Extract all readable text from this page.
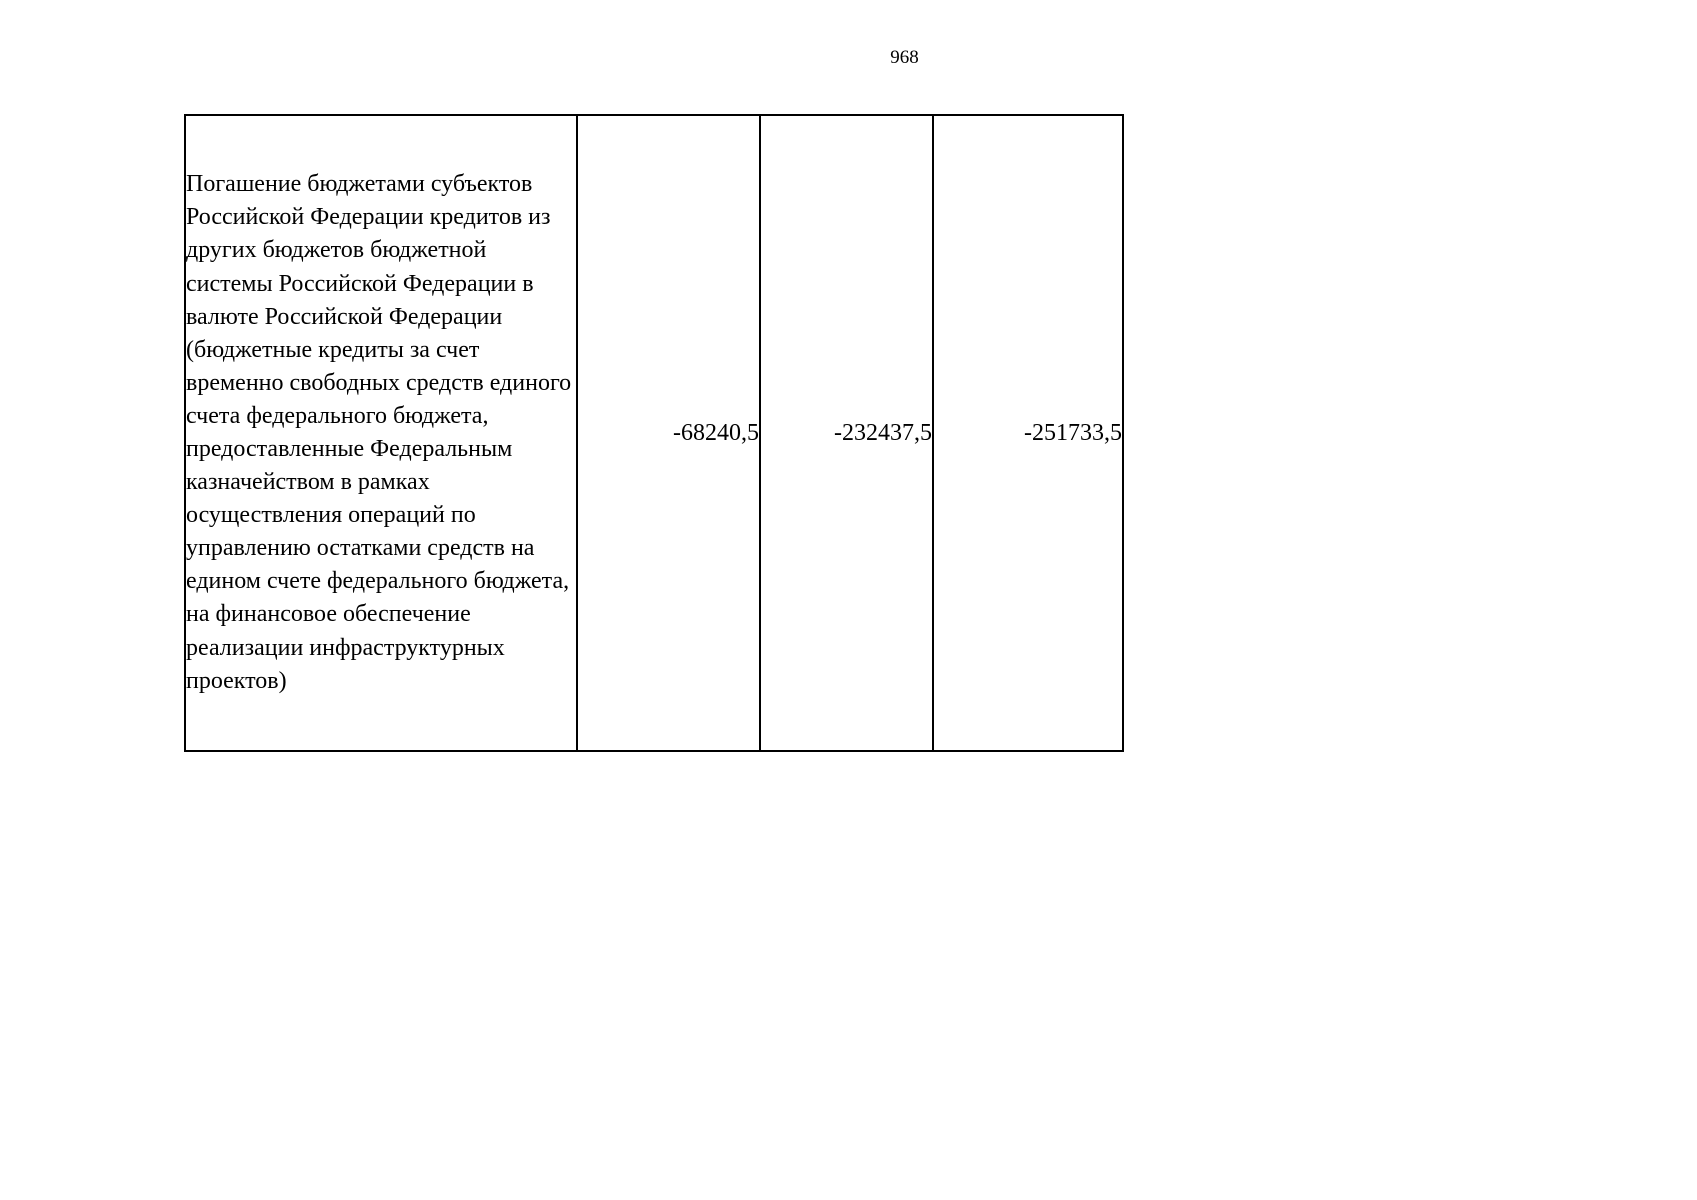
968
Погашение бюджетами субъектов Российской Федерации кредитов из других бюджетов бюджетной системы Российской Федерации в валюте Российской Федерации (бюджетные кредиты за счет временно свободных средств единого счета федерального бюджета, предоставленные Федеральным казначейством в рамках осуществления операций по управлению остатками средств на едином счете федерального бюджета, на финансовое обеспечение реализации инфраструктурных проектов)
	-68240,5	-232437,5	-251733,5
